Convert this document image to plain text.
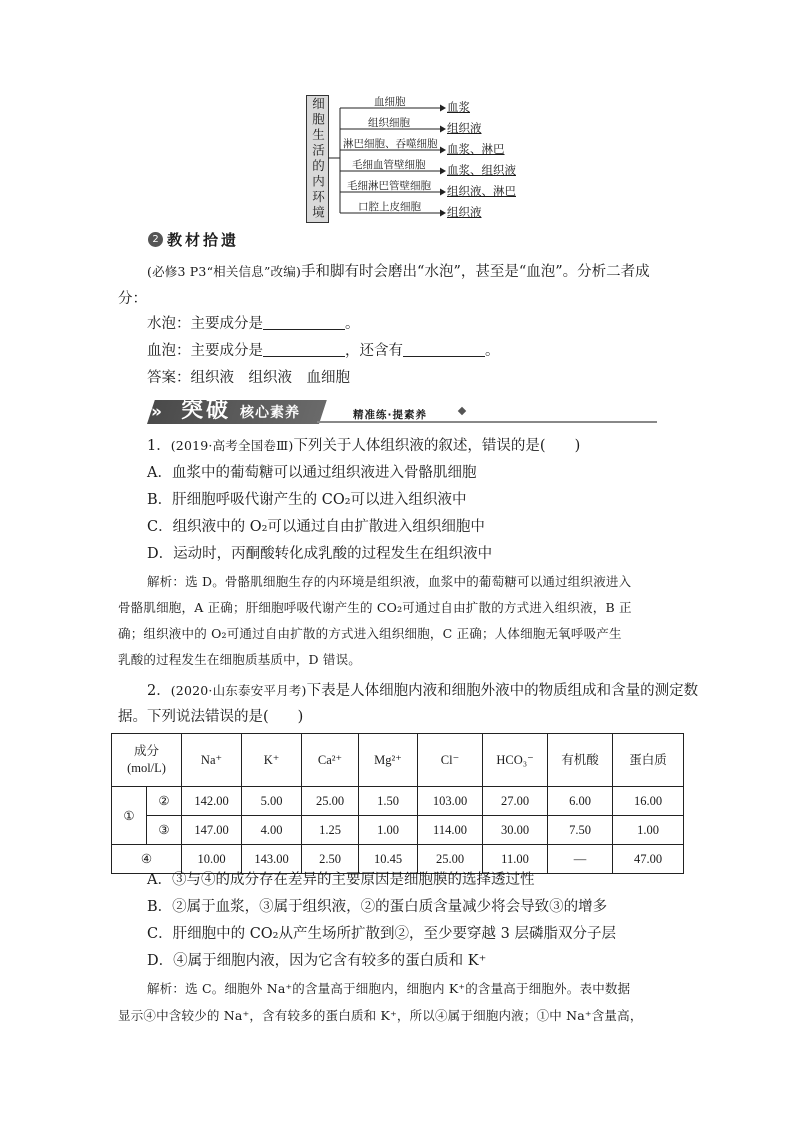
细胞生活的内环境	血细胞
组织细胞
淋巴细胞、吞噬细胞
毛细血管壁细胞
毛细淋巴管壁细胞
口腔上皮细胞
血浆
组织液
血浆、淋巴
血浆、组织液
组织液、淋巴
组织液
2 教材拾遗
(必修3 P3“相关信息”改编)手和脚有时会磨出“水泡”，甚至是“血泡”。分析二者成
分：
水泡：主要成分是	。
血泡：主要成分是	，还含有	。
答案：组织液　组织液　血细胞
» 突破 核心素养	精准练·提素养
1．(2019·高考全国卷Ⅲ)下列关于人体组织液的叙述，错误的是(　　)
A．血浆中的葡萄糖可以通过组织液进入骨骼肌细胞
B．肝细胞呼吸代谢产生的 CO₂可以进入组织液中
C．组织液中的 O₂可以通过自由扩散进入组织细胞中
D．运动时，丙酮酸转化成乳酸的过程发生在组织液中
解析：选 D。骨骼肌细胞生存的内环境是组织液，血浆中的葡萄糖可以通过组织液进入
骨骼肌细胞，A 正确；肝细胞呼吸代谢产生的 CO₂可通过自由扩散的方式进入组织液，B 正
确；组织液中的 O₂可通过自由扩散的方式进入组织细胞，C 正确；人体细胞无氧呼吸产生
乳酸的过程发生在细胞质基质中，D 错误。
2．(2020·山东泰安平月考)下表是人体细胞内液和细胞外液中的物质组成和含量的测定数
据。下列说法错误的是(　　)
成分
(mol/L)		Na⁺	K⁺	Ca²⁺	Mg²⁺	Cl⁻	HCO₃⁻	有机酸	蛋白质
①	②	142.00	5.00	25.00	1.50	103.00	27.00	6.00	16.00
	③	147.00	4.00	1.25	1.00	114.00	30.00	7.50	1.00
④		10.00	143.00	2.50	10.45	25.00	11.00	—	47.00
A．③与④的成分存在差异的主要原因是细胞膜的选择透过性
B．②属于血浆，③属于组织液，②的蛋白质含量减少将会导致③的增多
C．肝细胞中的 CO₂从产生场所扩散到②，至少要穿越 3 层磷脂双分子层
D．④属于细胞内液，因为它含有较多的蛋白质和 K⁺
解析：选 C。细胞外 Na⁺的含量高于细胞内，细胞内 K⁺的含量高于细胞外。表中数据
显示④中含较少的 Na⁺，含有较多的蛋白质和 K⁺，所以④属于细胞内液；①中 Na⁺含量高，
